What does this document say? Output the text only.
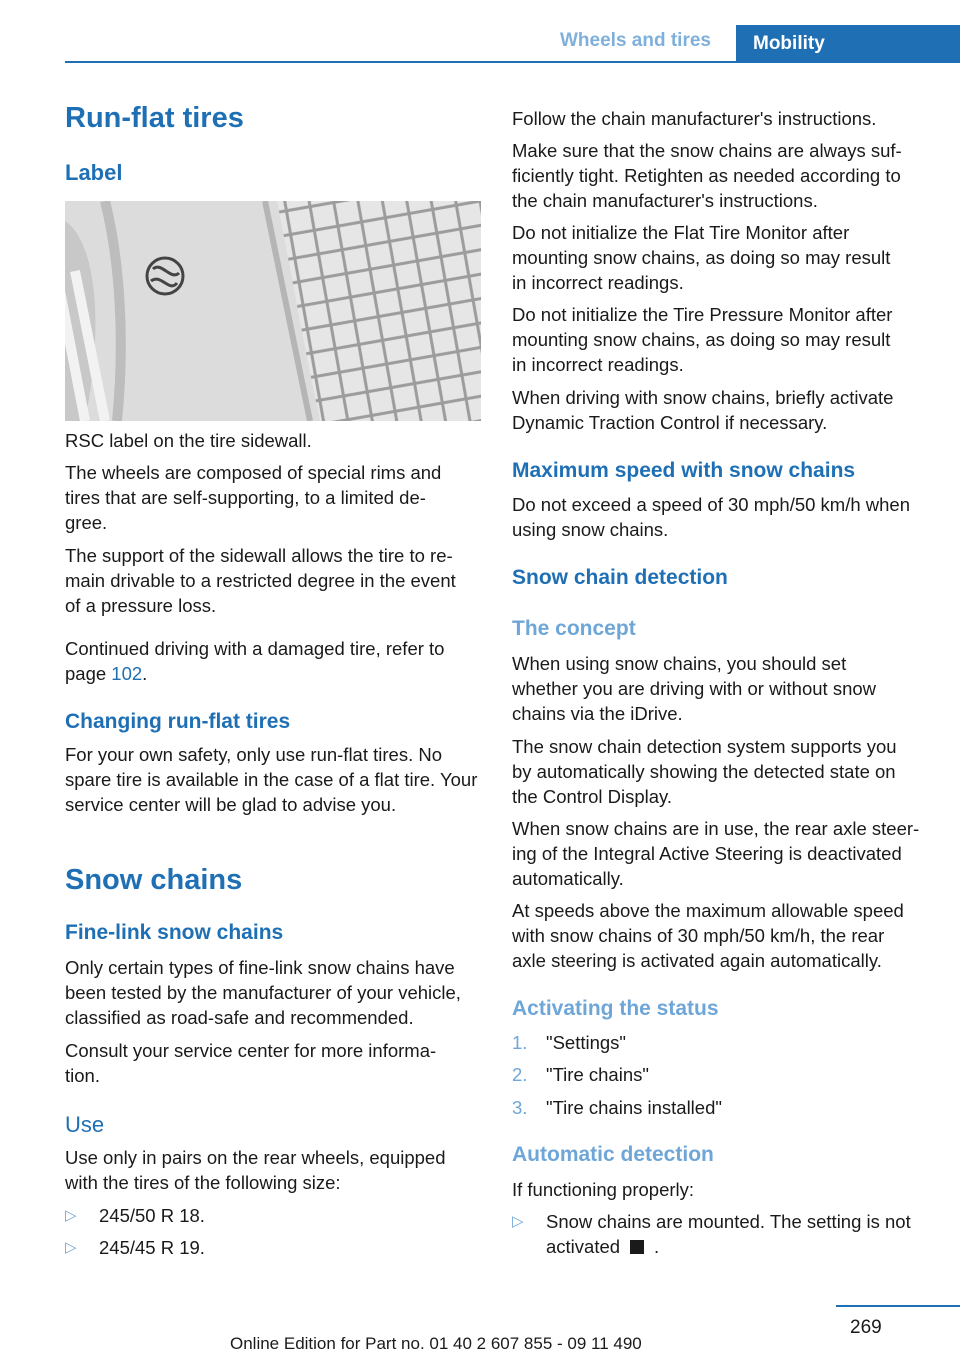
Wheels and tires	Mobility
Run-flat tires
Label

RSC label on the tire sidewall.

The wheels are composed of special rims and

tires that are self-supporting, to a limited de-

gree.

The support of the sidewall allows the tire to re-

main drivable to a restricted degree in the event

of a pressure loss.

Continued driving with a damaged tire, refer to

page 102.

Changing run-flat tires

For your own safety, only use run-flat tires. No

spare tire is available in the case of a flat tire. Your

service center will be glad to advise you.

Snow chains
Fine-link snow chains

Only certain types of fine-link snow chains have

been tested by the manufacturer of your vehicle,

classified as road-safe and recommended.

Consult your service center for more informa-

tion.

Use

Use only in pairs on the rear wheels, equipped

with the tires of the following size:

▷ 245/50 R 18.
▷ 245/45 R 19.

Follow the chain manufacturer's instructions.

Make sure that the snow chains are always suf-

ficiently tight. Retighten as needed according to

the chain manufacturer's instructions.

Do not initialize the Flat Tire Monitor after

mounting snow chains, as doing so may result

in incorrect readings.

Do not initialize the Tire Pressure Monitor after

mounting snow chains, as doing so may result

in incorrect readings.

When driving with snow chains, briefly activate

Dynamic Traction Control if necessary.

Maximum speed with snow chains

Do not exceed a speed of 30 mph/50 km/h when

using snow chains.

Snow chain detection
The concept

When using snow chains, you should set

whether you are driving with or without snow

chains via the iDrive.

The snow chain detection system supports you

by automatically showing the detected state on

the Control Display.

When snow chains are in use, the rear axle steer-

ing of the Integral Active Steering is deactivated

automatically.

At speeds above the maximum allowable speed

with snow chains of 30 mph/50 km/h, the rear

axle steering is activated again automatically.

Activating the status
1. "Settings"
2. "Tire chains"
3. "Tire chains installed"
Automatic detection

If functioning properly:

▷ Snow chains are mounted. The setting is not
activated .
269
Online Edition for Part no. 01 40 2 607 855 - 09 11 490
